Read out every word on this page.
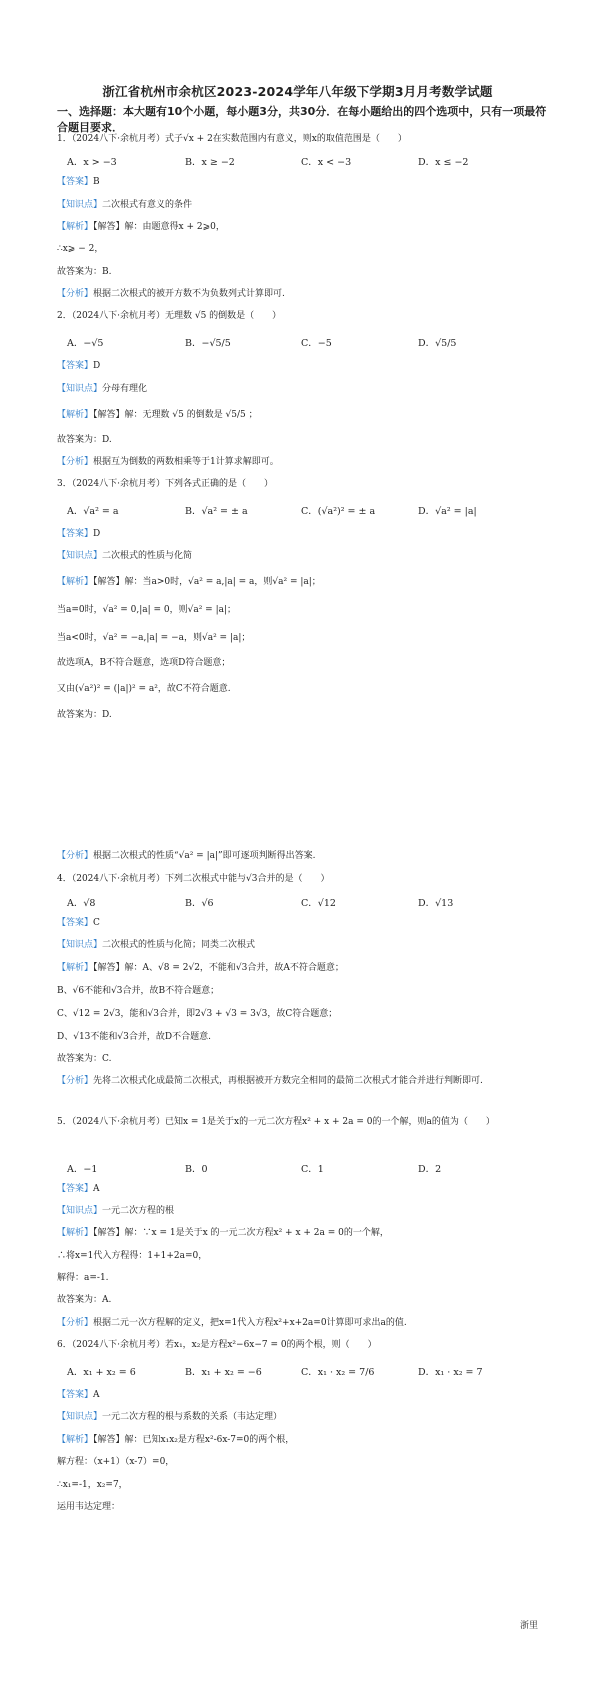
浙江省杭州市余杭区2023-2024学年八年级下学期3月月考数学试题
一、选择题：本大题有10个小题，每小题3分，共30分．在每小题给出的四个选项中，只有一项最符合题目要求．
1．（2024八下·余杭月考）式子√x + 2在实数范围内有意义，则x的取值范围是（　　）
A．x > −3	B．x ≥ −2	C．x < −3	D．x ≤ −2
【答案】B
【知识点】二次根式有意义的条件
【解析】【解答】解：由题意得x + 2⩾0，
∴x⩾ − 2，
故答案为：B.
【分析】根据二次根式的被开方数不为负数列式计算即可.
2．（2024八下·余杭月考）无理数 √5 的倒数是（　　）
A．−√5	B．−√5/5	C．−5	D．√5/5
【答案】D
【知识点】分母有理化
【解析】【解答】解：无理数 √5 的倒数是 √5/5 ；
故答案为：D.
【分析】根据互为倒数的两数相乘等于1计算求解即可。
3．（2024八下·余杭月考）下列各式正确的是（　　）
A．√a² = a	B．√a² = ± a	C．(√a²)² = ± a	D．√a² = |a|
【答案】D
【知识点】二次根式的性质与化简
【解析】【解答】解：当a>0时，√a² = a,|a| = a，则√a² = |a|；
当a=0时，√a² = 0,|a| = 0，则√a² = |a|；
当a<0时，√a² = −a,|a| = −a，则√a² = |a|；
故选项A，B不符合题意，选项D符合题意；
又由(√a²)² = (|a|)² = a²，故C不符合题意.
故答案为：D.
【分析】根据二次根式的性质“√a² = |a|”即可逐项判断得出答案.
4．（2024八下·余杭月考）下列二次根式中能与√3合并的是（　　）
A．√8	B．√6	C．√12	D．√13
【答案】C
【知识点】二次根式的性质与化简；同类二次根式
【解析】【解答】解：A、√8 = 2√2，不能和√3合并，故A不符合题意；
B、√6不能和√3合并，故B不符合题意；
C、√12 = 2√3，能和√3合并，即2√3 + √3 = 3√3，故C符合题意；
D、√13不能和√3合并，故D不合题意.
故答案为：C.
【分析】先将二次根式化成最简二次根式，再根据被开方数完全相同的最简二次根式才能合并进行判断即可.
5．（2024八下·余杭月考）已知x = 1是关于x的一元二次方程x² + x + 2a = 0的一个解，则a的值为（　　）
A．−1	B．0	C．1	D．2
【答案】A
【知识点】一元二次方程的根
【解析】【解答】解：∵x = 1是关于x 的一元二次方程x² + x + 2a = 0的一个解，
∴将x=1代入方程得：1+1+2a=0，
解得：a=-1.
故答案为：A.
【分析】根据二元一次方程解的定义，把x=1代入方程x²+x+2a=0计算即可求出a的值.
6．（2024八下·余杭月考）若x₁，x₂是方程x²−6x−7 = 0的两个根，则（　　）
A．x₁ + x₂ = 6	B．x₁ + x₂ = −6	C．x₁ · x₂ = 7/6	D．x₁ · x₂ = 7
【答案】A
【知识点】一元二次方程的根与系数的关系（韦达定理）
【解析】【解答】解：已知x₁x₂是方程x²-6x-7=0的两个根，
解方程：（x+1）（x-7）=0，
∴x₁=-1，x₂=7，
运用韦达定理：
浙里
